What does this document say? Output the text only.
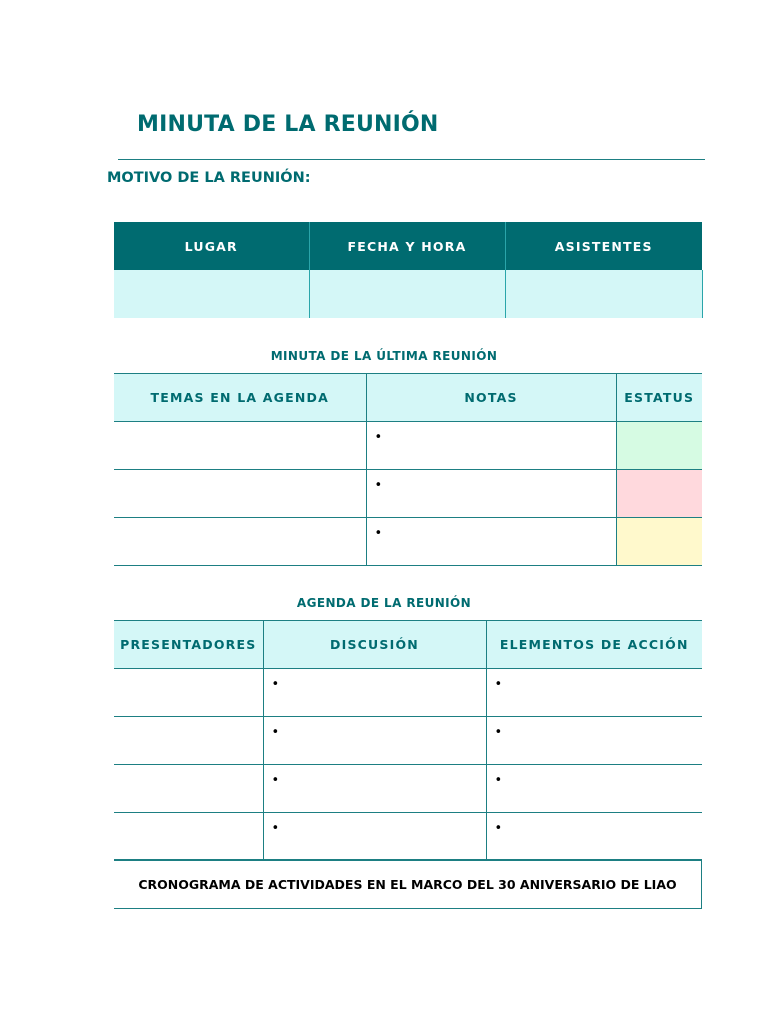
MINUTA DE LA REUNIÓN
MOTIVO DE LA REUNIÓN:
LUGAR	FECHA Y HORA	ASISTENTES

MINUTA DE LA ÚLTIMA REUNIÓN
TEMAS EN LA AGENDA	NOTAS	ESTATUS

	•	

	•	

	•	

AGENDA DE LA REUNIÓN
PRESENTADORES	DISCUSIÓN	ELEMENTOS DE ACCIÓN

	•	•

	•	•

	•	•

	•	•
CRONOGRAMA DE ACTIVIDADES EN EL MARCO DEL 30 ANIVERSARIO DE LIAO
